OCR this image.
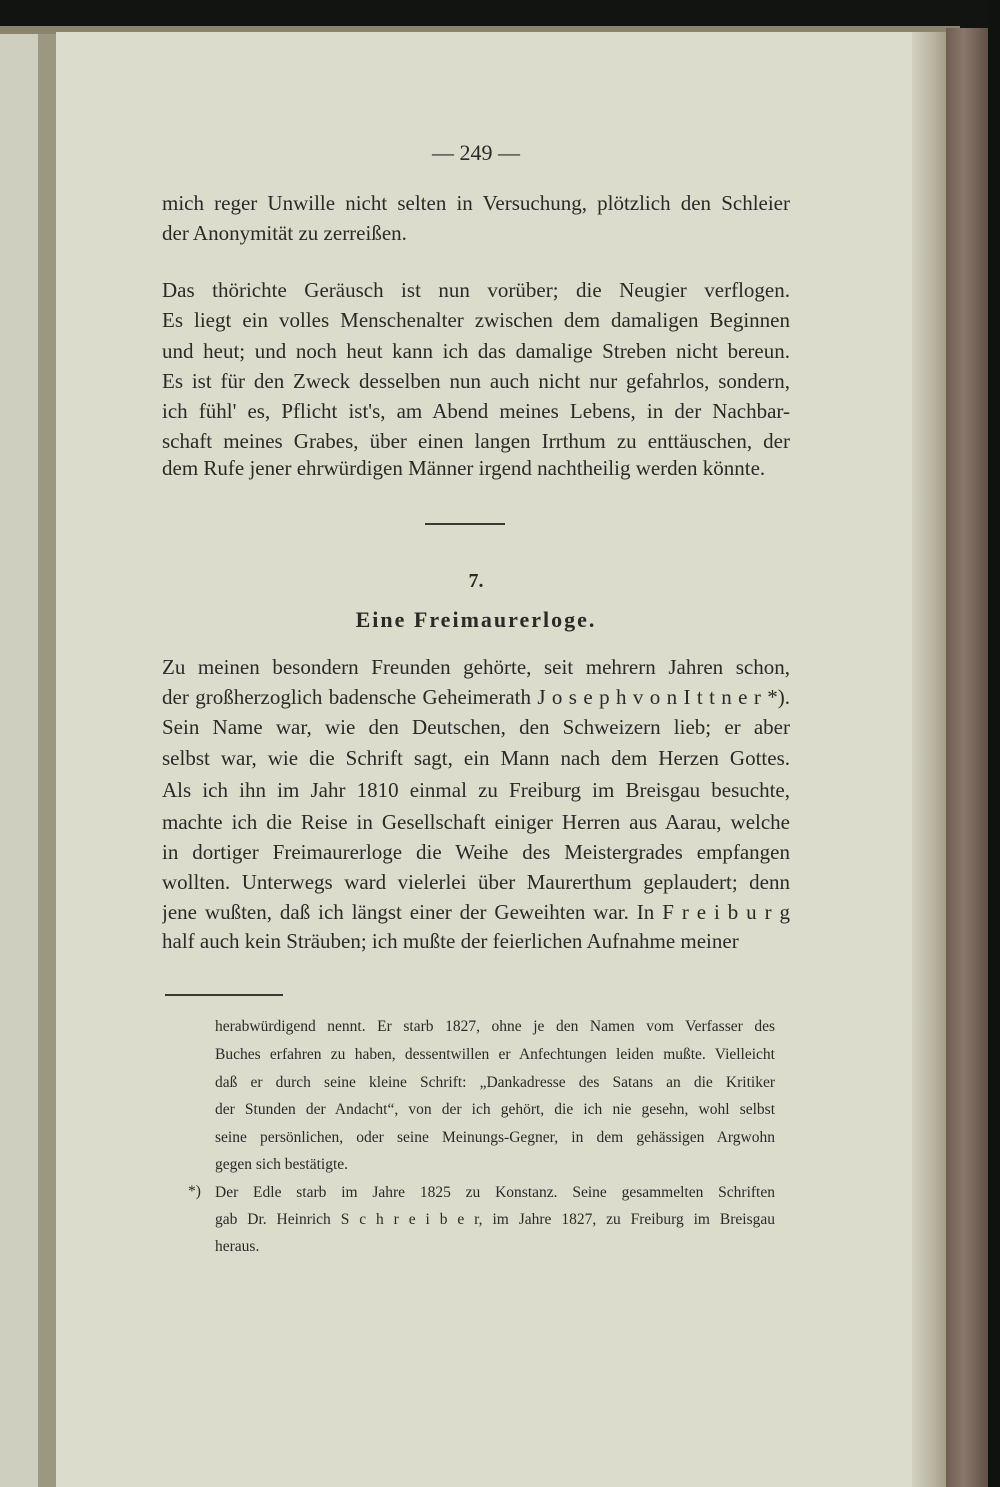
— 249 —
mich reger Unwille nicht selten in Versuchung, plötzlich den Schleier
der Anonymität zu zerreißen.
Das thörichte Geräusch ist nun vorüber; die Neugier verflogen.
Es liegt ein volles Menschenalter zwischen dem damaligen Beginnen
und heut; und noch heut kann ich das damalige Streben nicht bereun.
Es ist für den Zweck desselben nun auch nicht nur gefahrlos, sondern,
ich fühl' es, Pflicht ist's, am Abend meines Lebens, in der Nachbar-
schaft meines Grabes, über einen langen Irrthum zu enttäuschen, der
dem Rufe jener ehrwürdigen Männer irgend nachtheilig werden könnte.
Zu meinen besondern Freunden gehörte, seit mehrern Jahren schon,
der großherzoglich badensche Geheimerath J o s e p h v o n I t t n e r *).
Sein Name war, wie den Deutschen, den Schweizern lieb; er aber
selbst war, wie die Schrift sagt, ein Mann nach dem Herzen Gottes.
Als ich ihn im Jahr 1810 einmal zu Freiburg im Breisgau besuchte,
machte ich die Reise in Gesellschaft einiger Herren aus Aarau, welche
in dortiger Freimaurerloge die Weihe des Meistergrades empfangen
wollten. Unterwegs ward vielerlei über Maurerthum geplaudert; denn
jene wußten, daß ich längst einer der Geweihten war. In F r e i b u r g
half auch kein Sträuben; ich mußte der feierlichen Aufnahme meiner
herabwürdigend nennt. Er starb 1827, ohne je den Namen vom Verfasser des
Buches erfahren zu haben, dessentwillen er Anfechtungen leiden mußte. Vielleicht
daß er durch seine kleine Schrift: „Dankadresse des Satans an die Kritiker
der Stunden der Andacht“, von der ich gehört, die ich nie gesehn, wohl selbst
seine persönlichen, oder seine Meinungs-Gegner, in dem gehässigen Argwohn
gegen sich bestätigte.
Der Edle starb im Jahre 1825 zu Konstanz. Seine gesammelten Schriften
gab Dr. Heinrich S c h r e i b e r, im Jahre 1827, zu Freiburg im Breisgau
heraus.
7.
Eine Freimaurerloge.
*)
